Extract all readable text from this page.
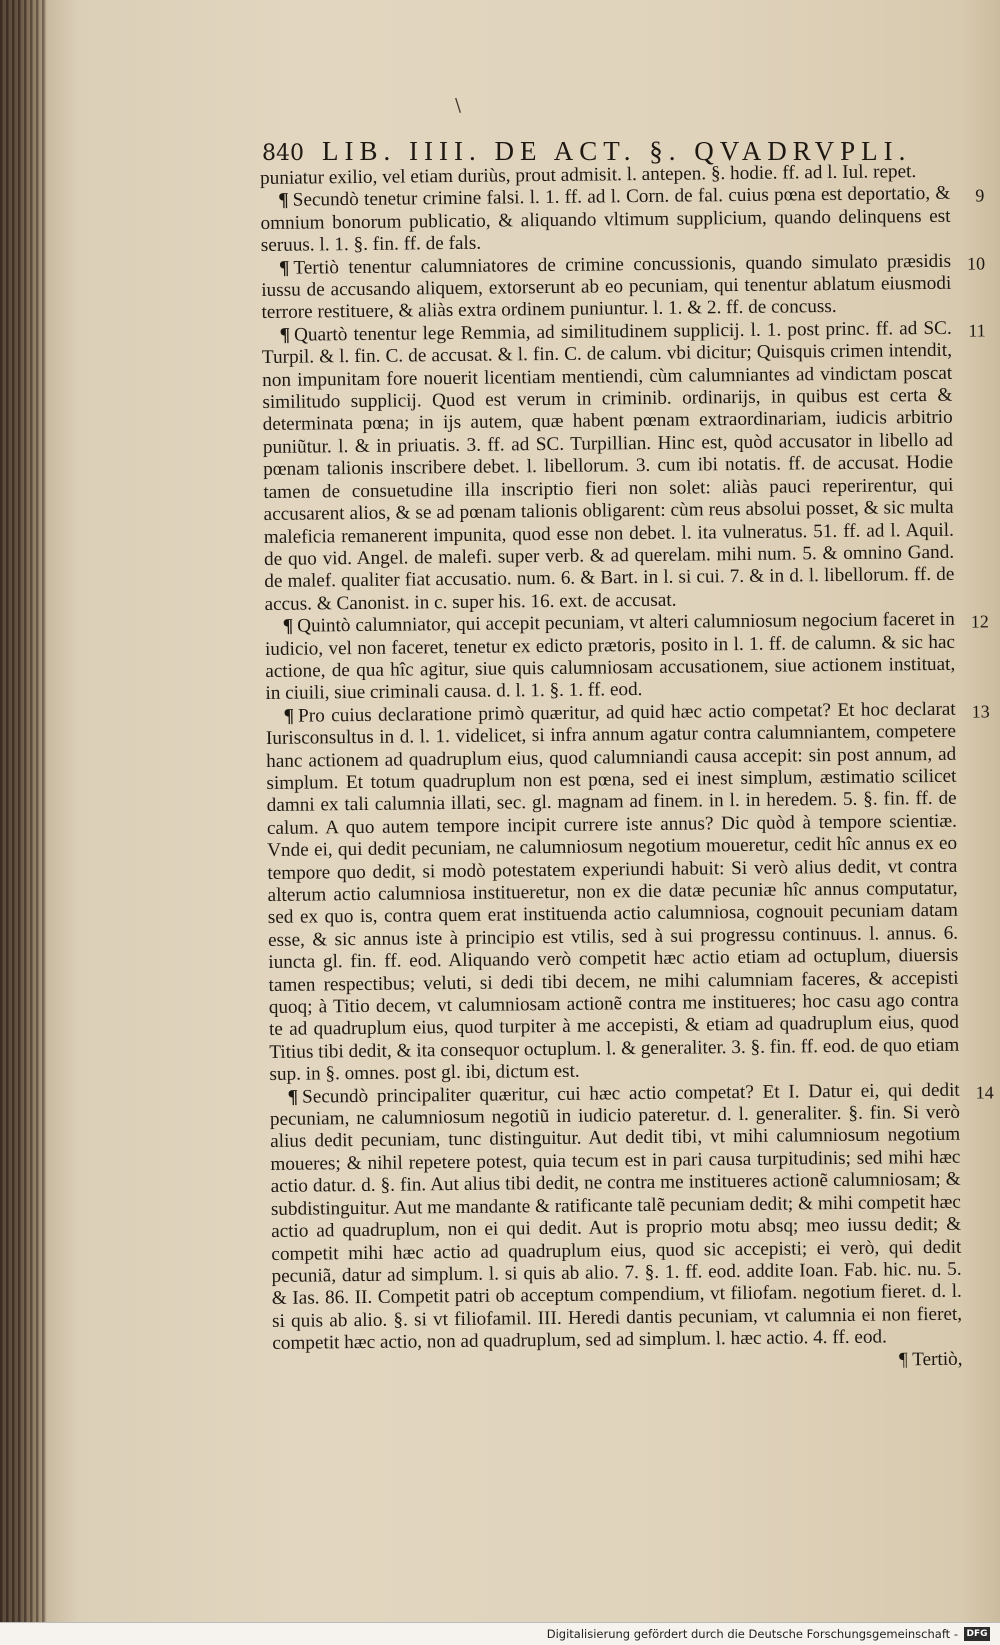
\
840 LIB. IIII. DE ACT. §. QVADRVPLI.

puniatur exilio, vel etiam duriùs, prout admisit. l. antepen. §. hodie. ff. ad l. Iul. repet.

¶ Secundò tenetur crimine falsi. l. 1. ff. ad l. Corn. de fal. cuius pœna est deportatio, & omnium bonorum publicatio, & aliquando vltimum supplicium, quando delinquens est seruus. l. 1. §. fin. ff. de fals.
9

¶ Tertiò tenentur calumniatores de crimine concussionis, quando simulato præsidis iussu de accusando aliquem, extorserunt ab eo pecuniam, qui tenentur ablatum eiusmodi terrore restituere, & aliàs extra ordinem puniuntur. l. 1. & 2. ff. de concuss.
10

¶ Quartò tenentur lege Remmia, ad similitudinem supplicij. l. 1. post princ. ff. ad SC. Turpil. & l. fin. C. de accusat. & l. fin. C. de calum. vbi dicitur; Quisquis crimen intendit, non impunitam fore nouerit licentiam mentiendi, cùm calumniantes ad vindictam poscat similitudo supplicij. Quod est verum in criminib. ordinarijs, in quibus est certa & determinata pœna; in ijs autem, quæ habent pœnam extraordinariam, iudicis arbitrio puniũtur. l. & in priuatis. 3. ff. ad SC. Turpillian. Hinc est, quòd accusator in libello ad pœnam talionis inscribere debet. l. libellorum. 3. cum ibi notatis. ff. de accusat. Hodie tamen de consuetudine illa inscriptio fieri non solet: aliàs pauci reperirentur, qui accusarent alios, & se ad pœnam talionis obligarent: cùm reus absolui posset, & sic multa maleficia remanerent impunita, quod esse non debet. l. ita vulneratus. 51. ff. ad l. Aquil. de quo vid. Angel. de malefi. super verb. & ad querelam. mihi num. 5. & omnino Gand. de malef. qualiter fiat accusatio. num. 6. & Bart. in l. si cui. 7. & in d. l. libellorum. ff. de accus. & Canonist. in c. super his. 16. ext. de accusat.
11

¶ Quintò calumniator, qui accepit pecuniam, vt alteri calumniosum negocium faceret in iudicio, vel non faceret, tenetur ex edicto prætoris, posito in l. 1. ff. de calumn. & sic hac actione, de qua hîc agitur, siue quis calumniosam accusationem, siue actionem instituat, in ciuili, siue criminali causa. d. l. 1. §. 1. ff. eod.
12

¶ Pro cuius declaratione primò quæritur, ad quid hæc actio competat? Et hoc declarat Iurisconsultus in d. l. 1. videlicet, si infra annum agatur contra calumniantem, competere hanc actionem ad quadruplum eius, quod calumniandi causa accepit: sin post annum, ad simplum. Et totum quadruplum non est pœna, sed ei inest simplum, æstimatio scilicet damni ex tali calumnia illati, sec. gl. magnam ad finem. in l. in heredem. 5. §. fin. ff. de calum. A quo autem tempore incipit currere iste annus? Dic quòd à tempore scientiæ. Vnde ei, qui dedit pecuniam, ne calumniosum negotium moueretur, cedit hîc annus ex eo tempore quo dedit, si modò potestatem experiundi habuit: Si verò alius dedit, vt contra alterum actio calumniosa institueretur, non ex die datæ pecuniæ hîc annus computatur, sed ex quo is, contra quem erat instituenda actio calumniosa, cognouit pecuniam datam esse, & sic annus iste à principio est vtilis, sed à sui progressu continuus. l. annus. 6. iuncta gl. fin. ff. eod. Aliquando verò competit hæc actio etiam ad octuplum, diuersis tamen respectibus; veluti, si dedi tibi decem, ne mihi calumniam faceres, & accepisti quoq; à Titio decem, vt calumniosam actionẽ contra me institueres; hoc casu ago contra te ad quadruplum eius, quod turpiter à me accepisti, & etiam ad quadruplum eius, quod Titius tibi dedit, & ita consequor octuplum. l. & generaliter. 3. §. fin. ff. eod. de quo etiam sup. in §. omnes. post gl. ibi, dictum est.
13

¶ Secundò principaliter quæritur, cui hæc actio competat? Et I. Datur ei, qui dedit pecuniam, ne calumniosum negotiũ in iudicio pateretur. d. l. generaliter. §. fin. Si verò alius dedit pecuniam, tunc distinguitur. Aut dedit tibi, vt mihi calumniosum negotium moueres; & nihil repetere potest, quia tecum est in pari causa turpitudinis; sed mihi hæc actio datur. d. §. fin. Aut alius tibi dedit, ne contra me institueres actionẽ calumniosam; & subdistinguitur. Aut me mandante & ratificante talẽ pecuniam dedit; & mihi competit hæc actio ad quadruplum, non ei qui dedit. Aut is proprio motu absq; meo iussu dedit; & competit mihi hæc actio ad quadruplum eius, quod sic accepisti; ei verò, qui dedit pecuniã, datur ad simplum. l. si quis ab alio. 7. §. 1. ff. eod. addite Ioan. Fab. hic. nu. 5. & Ias. 86. II. Competit patri ob acceptum compendium, vt filiofam. negotium fieret. d. l. si quis ab alio. §. si vt filiofamil. III. Heredi dantis pecuniam, vt calumnia ei non fieret, competit hæc actio, non ad quadruplum, sed ad simplum. l. hæc actio. 4. ff. eod.
14

¶ Tertiò,

Digitalisierung gefördert durch die Deutsche Forschungsgemeinschaft - DFG
